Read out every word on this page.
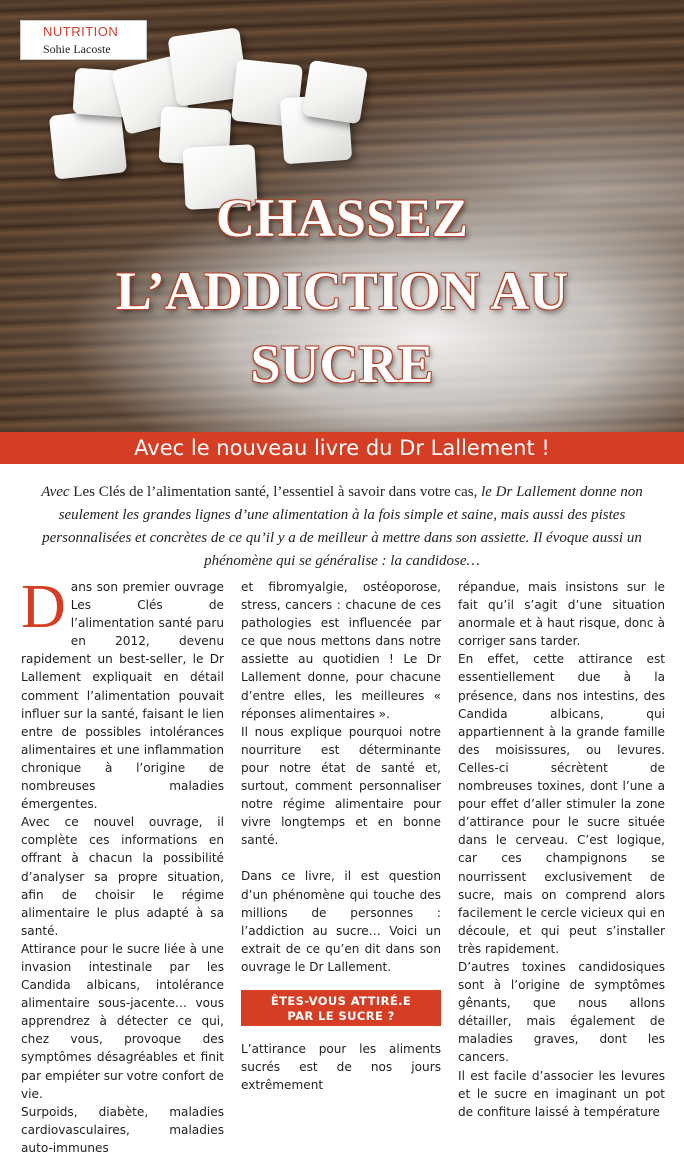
NUTRITION
Sohie Lacoste
CHASSEZ
L’ADDICTION AU
SUCRE
Avec le nouveau livre du Dr Lallement !
Avec Les Clés de l’alimentation santé, l’essentiel à savoir dans votre cas, le Dr Lallement donne non seulement les grandes lignes d’une alimentation à la fois simple et saine, mais aussi des pistes personnalisées et concrètes de ce qu’il y a de meilleur à mettre dans son assiette. Il évoque aussi un phénomène qui se généralise : la candidose…
D ans son premier ouvrage Les Clés de l’alimentation santé paru en 2012, devenu rapidement un best-seller, le Dr Lallement expliquait en détail comment l’alimentation pouvait influer sur la santé, faisant le lien entre de possibles intolérances alimentaires et une inflammation chronique à l’origine de nombreuses maladies émergentes.

Avec ce nouvel ouvrage, il complète ces informations en offrant à chacun la possibilité d’analyser sa propre situation, afin de choisir le régime alimentaire le plus adapté à sa santé.

Attirance pour le sucre liée à une invasion intestinale par les Candida albicans, intolérance alimentaire sous-jacente… vous apprendrez à détecter ce qui, chez vous, provoque des symptômes désagréables et finit par empiéter sur votre confort de vie.

Surpoids, diabète, maladies cardiovasculaires, maladies auto-immunes

et fibromyalgie, ostéoporose, stress, cancers : chacune de ces pathologies est influencée par ce que nous mettons dans notre assiette au quotidien ! Le Dr Lallement donne, pour chacune d’entre elles, les meilleures « réponses alimentaires ».

Il nous explique pourquoi notre nourriture est déterminante pour notre état de santé et, surtout, comment personnaliser notre régime alimentaire pour vivre longtemps et en bonne santé.

Dans ce livre, il est question d’un phénomène qui touche des millions de personnes : l’addiction au sucre… Voici un extrait de ce qu’en dit dans son ouvrage le Dr Lallement.

ÊTES-VOUS ATTIRÉ.E
PAR LE SUCRE ?

L’attirance pour les aliments sucrés est de nos jours extrêmement

répandue, mais insistons sur le fait qu’il s’agit d’une situation anormale et à haut risque, donc à corriger sans tarder.

En effet, cette attirance est essentiellement due à la présence, dans nos intestins, des Candida albicans, qui appartiennent à la grande famille des moisissures, ou levures. Celles-ci sécrètent de nombreuses toxines, dont l’une a pour effet d’aller stimuler la zone d’attirance pour le sucre située dans le cerveau. C’est logique, car ces champignons se nourrissent exclusivement de sucre, mais on comprend alors facilement le cercle vicieux qui en découle, et qui peut s’installer très rapidement.

D’autres toxines candidosiques sont à l’origine de symptômes gênants, que nous allons détailler, mais également de maladies graves, dont les cancers.

Il est facile d’associer les levures et le sucre en imaginant un pot de confiture laissé à température
